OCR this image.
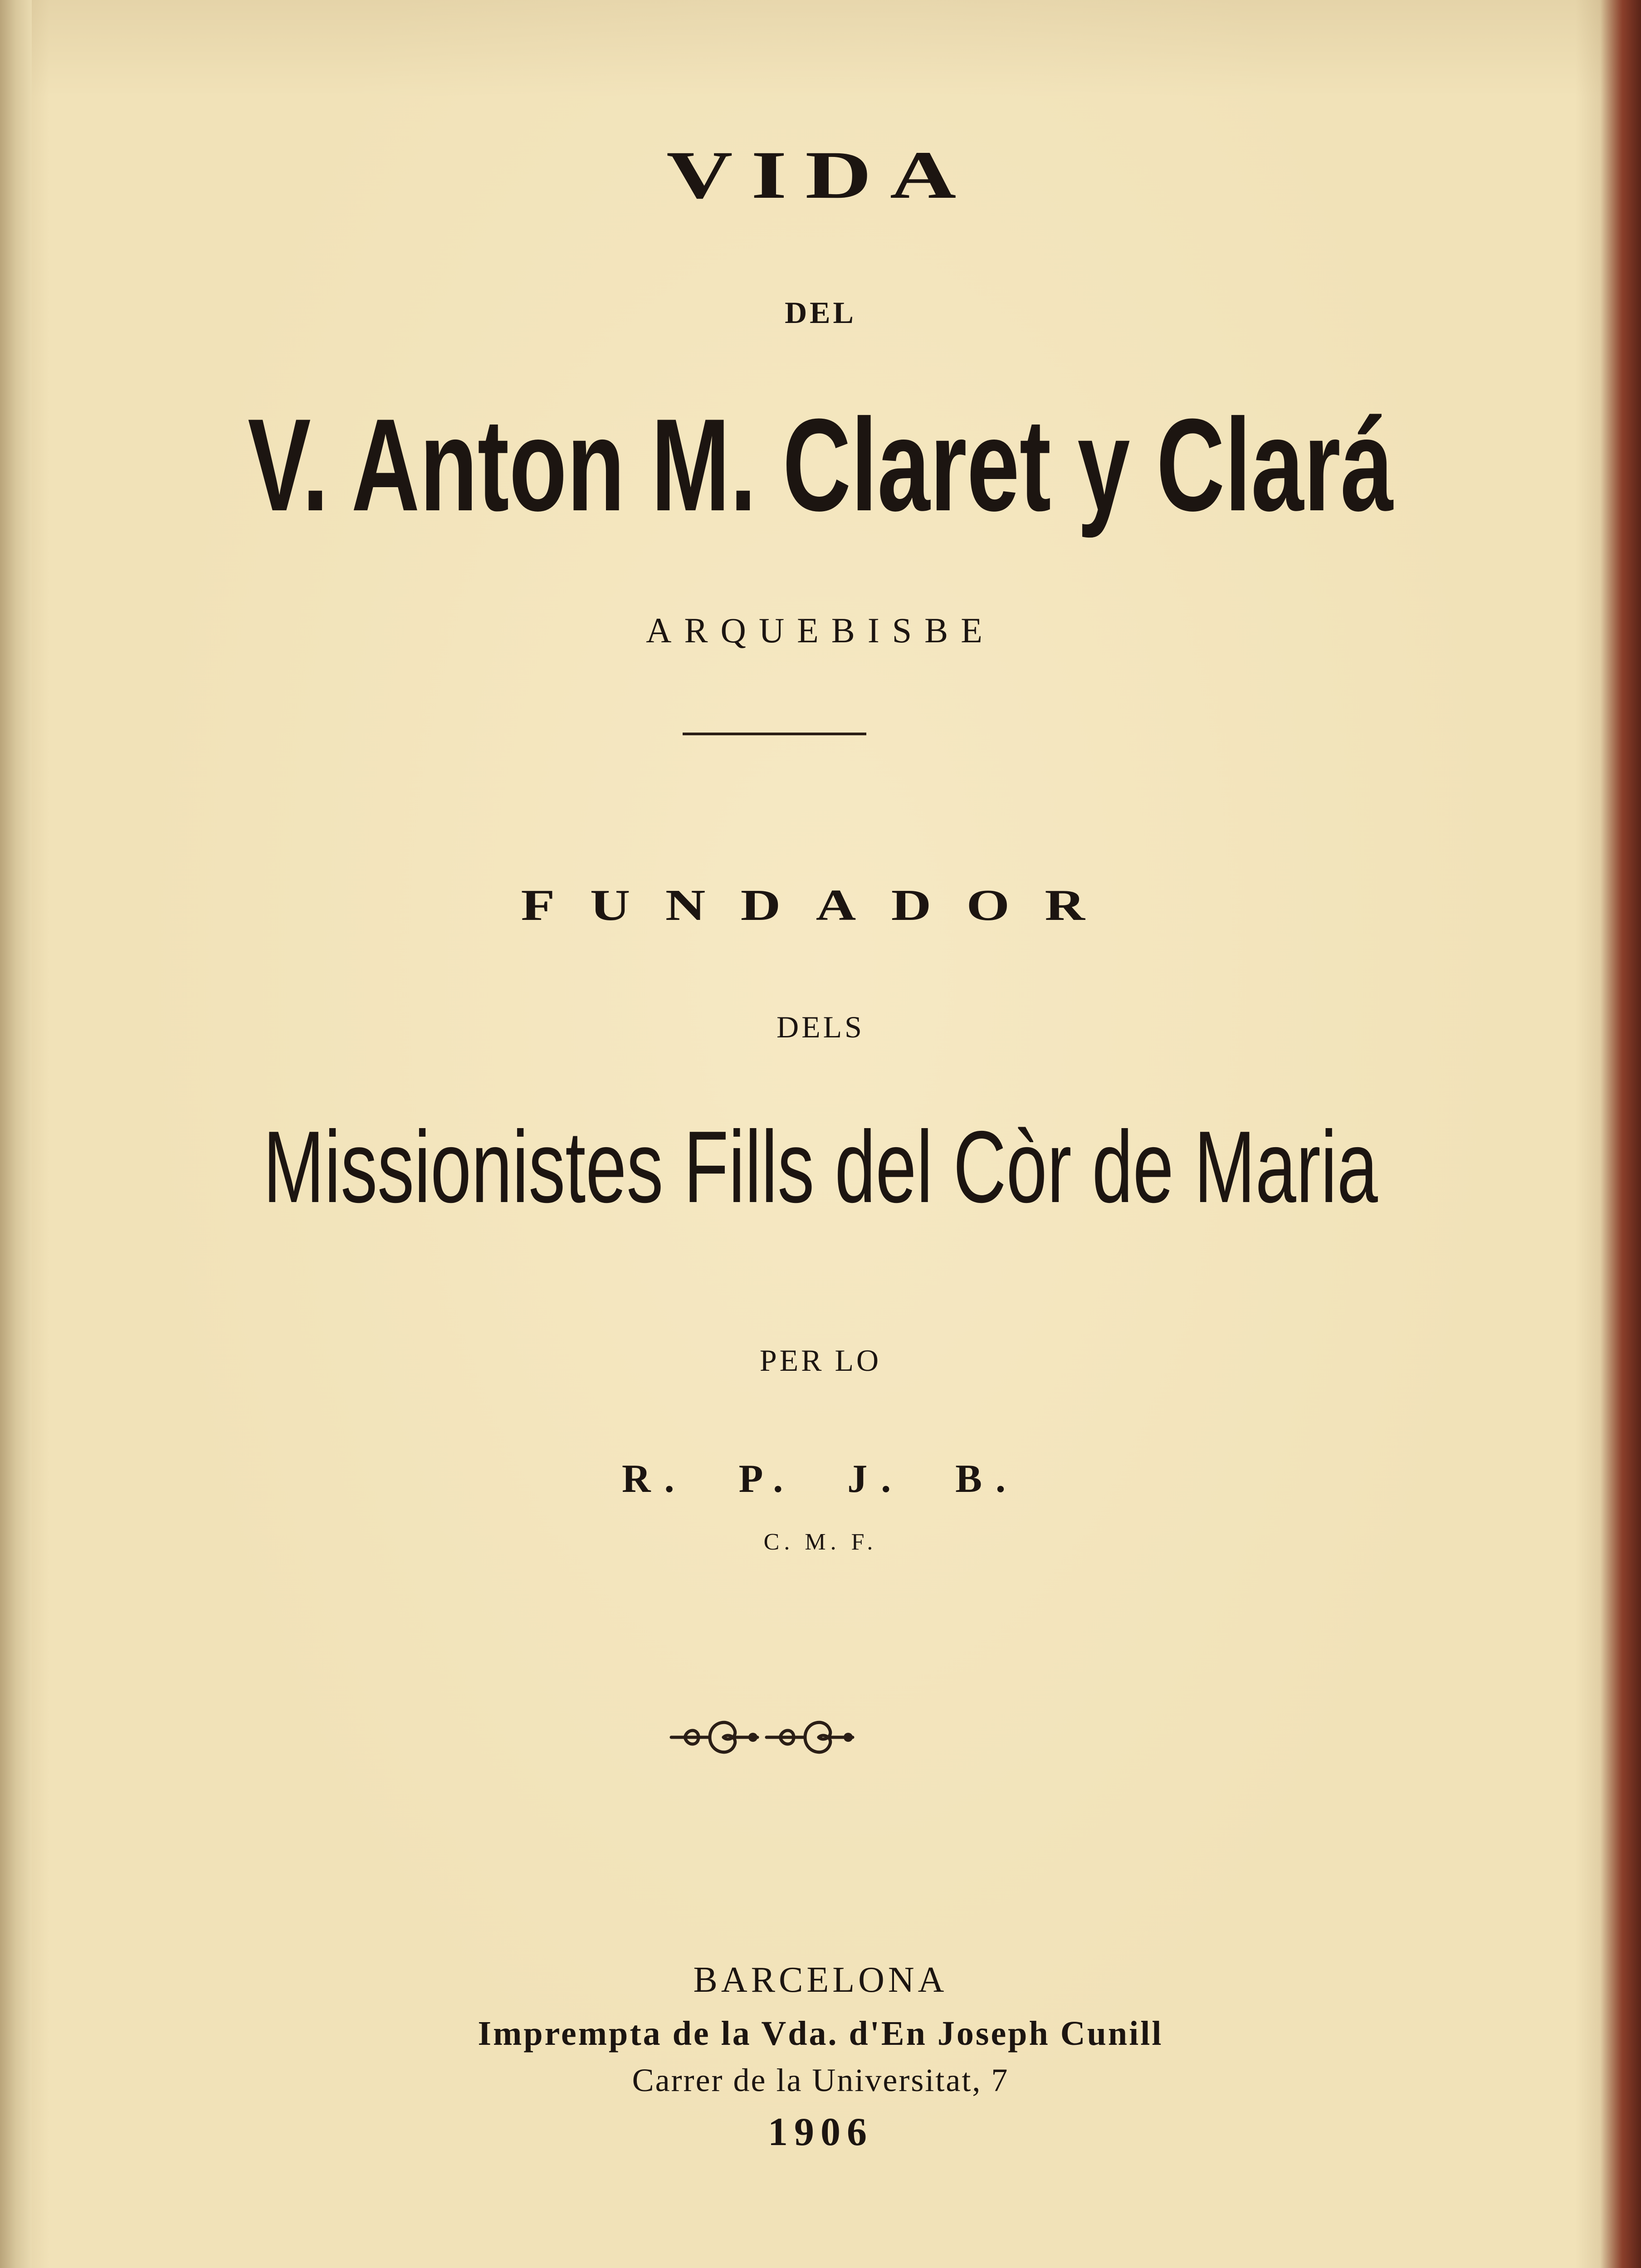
VIDA
DEL
V. Anton M. Claret y Clará
ARQUEBISBE
FUNDADOR
DELS
Missionistes Fills del Còr de Maria
PER LO
R. P. J. B.
C. M. F.
BARCELONA
Imprempta de la Vda. d'En Joseph Cunill
Carrer de la Universitat, 7
1906
